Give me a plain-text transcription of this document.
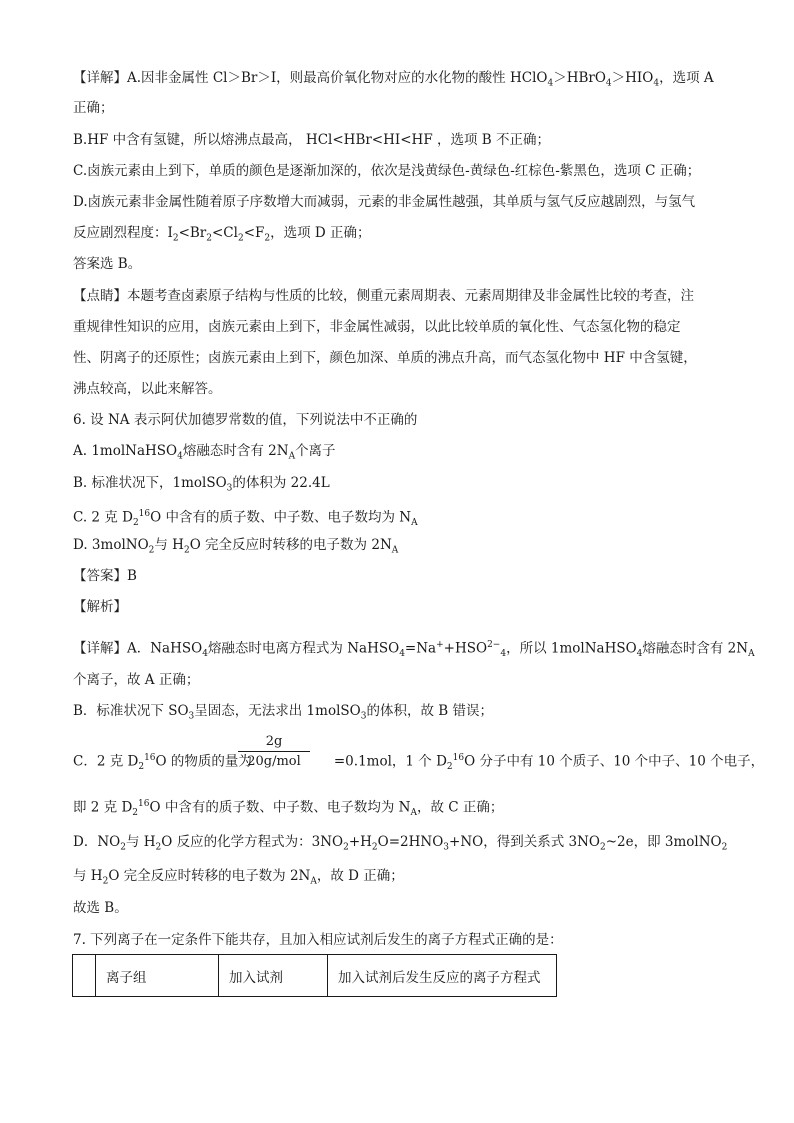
【详解】A.因非金属性 Cl＞Br＞I，则最高价氧化物对应的水化物的酸性 $HClO_4>HBrO_4>HIO_4$，选项 A
正确；
B.HF 中含有氢键，所以熔沸点最高， HCl<HBr<HI<HF ，选项 B 不正确；
C.卤族元素由上到下，单质的颜色是逐渐加深的，依次是浅黄绿色-黄绿色-红棕色-紫黑色，选项 C 正确；
D.卤族元素非金属性随着原子序数增大而减弱，元素的非金属性越强，其单质与氢气反应越剧烈，与氢气
反应剧烈程度：$I_2<Br_2<Cl_2<F_2$，选项 D 正确；
答案选 B。
【点睛】本题考查卤素原子结构与性质的比较，侧重元素周期表、元素周期律及非金属性比较的考查，注
重规律性知识的应用，卤族元素由上到下，非金属性减弱，以此比较单质的氧化性、气态氢化物的稳定
性、阴离子的还原性；卤族元素由上到下，颜色加深、单质的沸点升高，而气态氢化物中 HF 中含氢键，
沸点较高，以此来解答。
6. 设 NA 表示阿伏加德罗常数的值，下列说法中不正确的
A. 1molNaHSO$_4$熔融态时含有 $2N_A$个离子
B. 标准状况下，1molSO$_3$的体积为 22.4L
C. 2 克 $D_2^{16}O$ 中含有的质子数、中子数、电子数均为 $N_A$
D. 3molNO$_2$与 $H_2O$ 完全反应时转移的电子数为 $2N_A$
【答案】B
【解析】
【详解】A．NaHSO$_4$熔融态时电离方程式为 $NaHSO_4=Na^++HSO^{2-}_4$，所以 1molNaHSO$_4$熔融态时含有 $2N_A$
个离子，故 A 正确；
B．标准状况下 $SO_3$呈固态，无法求出 1molSO$_3$的体积，故 B 错误；
C．2 克 $D_2^{16}O$ 的物质的量为	=0.1mol，1 个 $D_2^{16}O$ 分子中有 10 个质子、10 个中子、10 个电子，
2g
20g/mol
即 2 克 $D_2^{16}O$ 中含有的质子数、中子数、电子数均为 $N_A$，故 C 正确；
D．$NO_2$与 $H_2O$ 反应的化学方程式为：$3NO_2+H_2O=2HNO_3+NO$，得到关系式 $3NO_2\sim 2e$，即 3molNO$_2$
与 $H_2O$ 完全反应时转移的电子数为 $2N_A$，故 D 正确；
故选 B。
7. 下列离子在一定条件下能共存，且加入相应试剂后发生的离子方程式正确的是：
	离子组	加入试剂	加入试剂后发生反应的离子方程式
